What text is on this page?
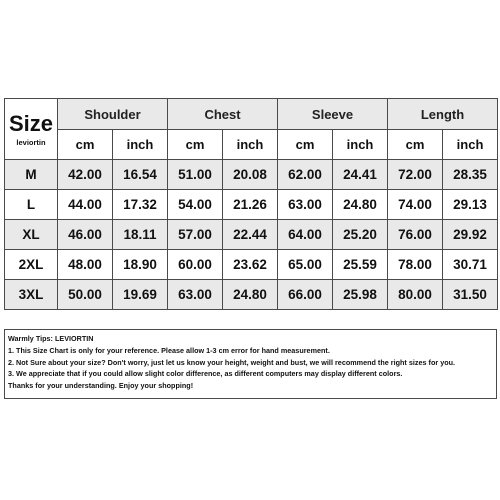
Size
leviortin	Shoulder		Chest		Sleeve		Length	
	cm	inch	cm	inch	cm	inch	cm	inch
M	42.00	16.54	51.00	20.08	62.00	24.41	72.00	28.35
L	44.00	17.32	54.00	21.26	63.00	24.80	74.00	29.13
XL	46.00	18.11	57.00	22.44	64.00	25.20	76.00	29.92
2XL	48.00	18.90	60.00	23.62	65.00	25.59	78.00	30.71
3XL	50.00	19.69	63.00	24.80	66.00	25.98	80.00	31.50

Warmly Tips: LEVIORTIN

1. This Size Chart is only for your reference. Please allow 1-3 cm error for hand measurement.

2. Not Sure about your size? Don't worry, just let us know your height, weight and bust, we will recommend the right sizes for you.

3. We appreciate that if you could allow slight color difference, as different computers may display different colors.

Thanks for your understanding. Enjoy your shopping!
